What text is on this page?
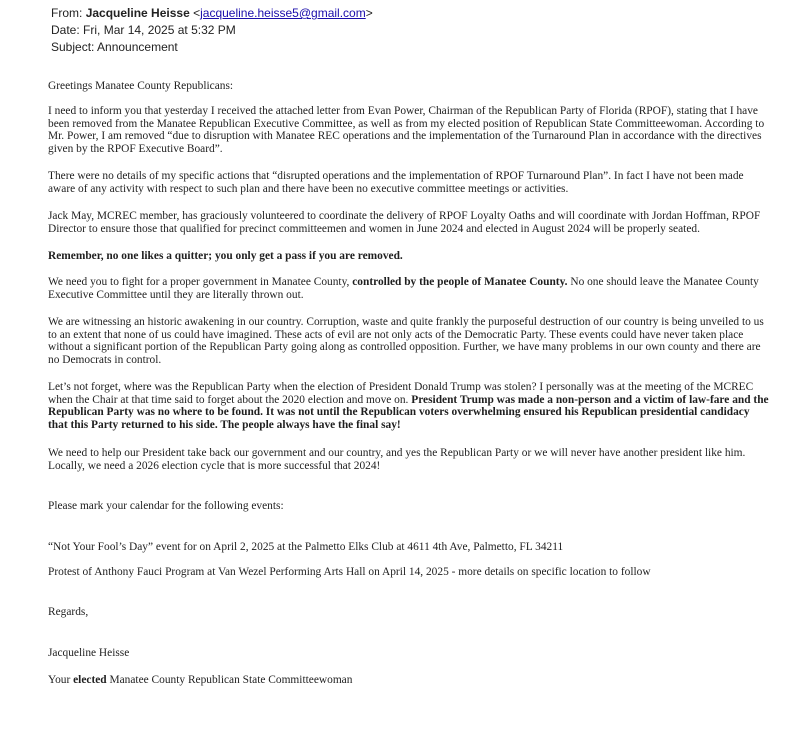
From: Jacqueline Heisse <jacqueline.heisse5@gmail.com>
Date: Fri, Mar 14, 2025 at 5:32 PM
Subject: Announcement

Greetings Manatee County Republicans:

I need to inform you that yesterday I received the attached letter from Evan Power, Chairman of the Republican Party of Florida (RPOF), stating that I have been removed from the Manatee Republican Executive Committee, as well as from my elected position of Republican State Committeewoman. According to Mr. Power, I am removed “due to disruption with Manatee REC operations and the implementation of the Turnaround Plan in accordance with the directives given by the RPOF Executive Board”.

There were no details of my specific actions that “disrupted operations and the implementation of RPOF Turnaround Plan”. In fact I have not been made aware of any activity with respect to such plan and there have been no executive committee meetings or activities.

Jack May, MCREC member, has graciously volunteered to coordinate the delivery of RPOF Loyalty Oaths and will coordinate with Jordan Hoffman, RPOF Director to ensure those that qualified for precinct committeemen and women in June 2024 and elected in August 2024 will be properly seated.

Remember, no one likes a quitter; you only get a pass if you are removed.

We need you to fight for a proper government in Manatee County, controlled by the people of Manatee County. No one should leave the Manatee County Executive Committee until they are literally thrown out.

We are witnessing an historic awakening in our country. Corruption, waste and quite frankly the purposeful destruction of our country is being unveiled to us to an extent that none of us could have imagined. These acts of evil are not only acts of the Democratic Party. These events could have never taken place without a significant portion of the Republican Party going along as controlled opposition. Further, we have many problems in our own county and there are no Democrats in control.

Let’s not forget, where was the Republican Party when the election of President Donald Trump was stolen? I personally was at the meeting of the MCREC when the Chair at that time said to forget about the 2020 election and move on. President Trump was made a non-person and a victim of law-fare and the Republican Party was no where to be found. It was not until the Republican voters overwhelming ensured his Republican presidential candidacy that this Party returned to his side. The people always have the final say!

We need to help our President take back our government and our country, and yes the Republican Party or we will never have another president like him. Locally, we need a 2026 election cycle that is more successful that 2024!

Please mark your calendar for the following events:

“Not Your Fool’s Day” event for on April 2, 2025 at the Palmetto Elks Club at 4611 4th Ave, Palmetto, FL 34211

Protest of Anthony Fauci Program at Van Wezel Performing Arts Hall on April 14, 2025 - more details on specific location to follow

Regards,

Jacqueline Heisse

Your elected Manatee County Republican State Committeewoman
